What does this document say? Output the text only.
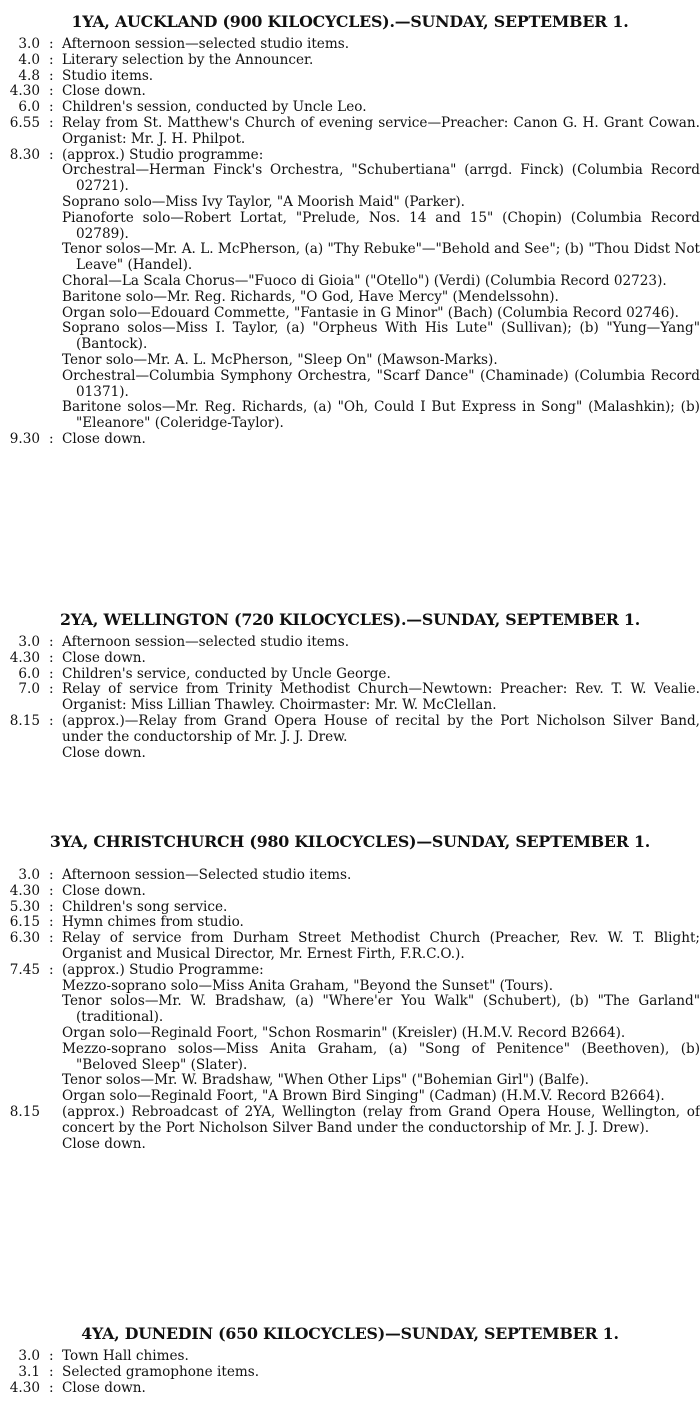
1YA, AUCKLAND (900 KILOCYCLES).—SUNDAY, SEPTEMBER 1.
3.0 : Afternoon session—selected studio items.
4.0 : Literary selection by the Announcer.
4.8 : Studio items.
4.30 : Close down.
6.0 : Children's session, conducted by Uncle Leo.
6.55 : Relay from St. Matthew's Church of evening service—Preacher: Canon G. H. Grant Cowan. Organist: Mr. J. H. Philpot.
8.30 : (approx.) Studio programme:
Orchestral—Herman Finck's Orchestra, "Schubertiana" (arrgd. Finck) (Columbia Record 02721).
Soprano solo—Miss Ivy Taylor, "A Moorish Maid" (Parker).
Pianoforte solo—Robert Lortat, "Prelude, Nos. 14 and 15" (Chopin) (Columbia Record 02789).
Tenor solos—Mr. A. L. McPherson, (a) "Thy Rebuke"—"Behold and See"; (b) "Thou Didst Not Leave" (Handel).
Choral—La Scala Chorus—"Fuoco di Gioia" ("Otello") (Verdi) (Columbia Record 02723).
Baritone solo—Mr. Reg. Richards, "O God, Have Mercy" (Mendelssohn).
Organ solo—Edouard Commette, "Fantasie in G Minor" (Bach) (Columbia Record 02746).
Soprano solos—Miss I. Taylor, (a) "Orpheus With His Lute" (Sullivan); (b) "Yung—Yang" (Bantock).
Tenor solo—Mr. A. L. McPherson, "Sleep On" (Mawson-Marks).
Orchestral—Columbia Symphony Orchestra, "Scarf Dance" (Chaminade) (Columbia Record 01371).
Baritone solos—Mr. Reg. Richards, (a) "Oh, Could I But Express in Song" (Malashkin); (b) "Eleanore" (Coleridge-Taylor).
9.30 : Close down.
2YA, WELLINGTON (720 KILOCYCLES).—SUNDAY, SEPTEMBER 1.
3.0 : Afternoon session—selected studio items.
4.30 : Close down.
6.0 : Children's service, conducted by Uncle George.
7.0 : Relay of service from Trinity Methodist Church—Newtown: Preacher: Rev. T. W. Vealie. Organist: Miss Lillian Thawley. Choirmaster: Mr. W. McClellan.
8.15 : (approx.)—Relay from Grand Opera House of recital by the Port Nicholson Silver Band, under the conductorship of Mr. J. J. Drew.
Close down.
3YA, CHRISTCHURCH (980 KILOCYCLES)—SUNDAY, SEPTEMBER 1.
3.0 : Afternoon session—Selected studio items.
4.30 : Close down.
5.30 : Children's song service.
6.15 : Hymn chimes from studio.
6.30 : Relay of service from Durham Street Methodist Church (Preacher, Rev. W. T. Blight; Organist and Musical Director, Mr. Ernest Firth, F.R.C.O.).
7.45 : (approx.) Studio Programme:
Mezzo-soprano solo—Miss Anita Graham, "Beyond the Sunset" (Tours).
Tenor solos—Mr. W. Bradshaw, (a) "Where'er You Walk" (Schubert), (b) "The Garland" (traditional).
Organ solo—Reginald Foort, "Schon Rosmarin" (Kreisler) (H.M.V. Record B2664).
Mezzo-soprano solos—Miss Anita Graham, (a) "Song of Penitence" (Beethoven), (b) "Beloved Sleep" (Slater).
Tenor solos—Mr. W. Bradshaw, "When Other Lips" ("Bohemian Girl") (Balfe).
Organ solo—Reginald Foort, "A Brown Bird Singing" (Cadman) (H.M.V. Record B2664).
8.15 (approx.) Rebroadcast of 2YA, Wellington (relay from Grand Opera House, Wellington, of concert by the Port Nicholson Silver Band under the conductorship of Mr. J. J. Drew).
Close down.
4YA, DUNEDIN (650 KILOCYCLES)—SUNDAY, SEPTEMBER 1.
3.0 : Town Hall chimes.
3.1 : Selected gramophone items.
4.30 : Close down.
